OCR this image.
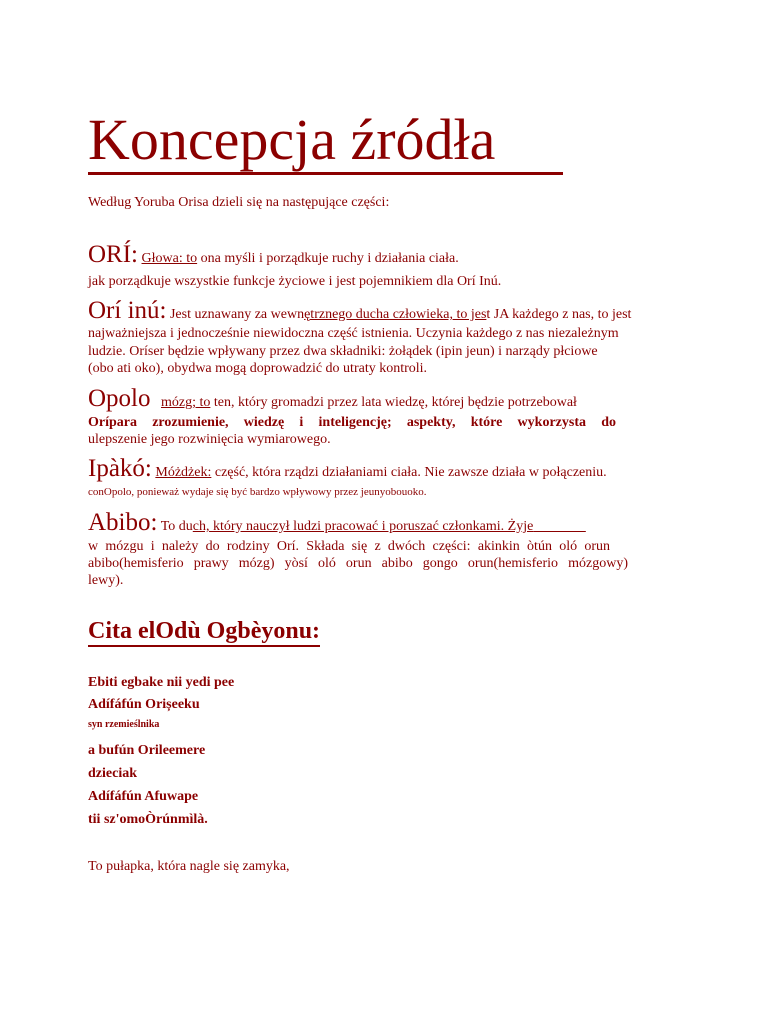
Koncepcja źródła
Według Yoruba Orisa dzieli się na następujące części:
ORÍ: Głowa: to ona myśli i porządkuje ruchy i działania ciała.
jak porządkuje wszystkie funkcje życiowe i jest pojemnikiem dla Orí Inú.
Orí inú: Jest uznawany za wewnętrznego ducha człowieka, to jest JA każdego z nas, to jest
najważniejsza i jednocześnie niewidoczna część istnienia. Uczynia każdego z nas niezależnym
ludzie. Oríser będzie wpływany przez dwa składniki: żołądek (ipin jeun) i narządy płciowe
(obo ati oko), obydwa mogą doprowadzić do utraty kontroli.
Opolo mózg; to ten, który gromadzi przez lata wiedzę, której będzie potrzebował
Orípara zrozumienie, wiedzę i inteligencję; aspekty, które wykorzysta do
ulepszenie jego rozwinięcia wymiarowego.
Ipàkó: Móżdżek: część, która rządzi działaniami ciała. Nie zawsze działa w połączeniu.
conOpolo, ponieważ wydaje się być bardzo wpływowy przez jeunyobouoko.
Abibo: To duch, który nauczył ludzi pracować i poruszać członkami. Żyje
w mózgu i należy do rodziny Orí. Składa się z dwóch części: akinkin òtún oló orun
abibo(hemisferio prawy mózg) yòsí oló orun abibo gongo orun(hemisferio mózgowy)
lewy).
Cita elOdù Ogbèyonu:
Ebiti egbake nii yedi pee
Adífáfún Orișeeku
syn rzemieślnika
a bufún Orileemere
dzieciak
Adífáfún Afuwape
tii sz'omoÒrúnmìlà.
To pułapka, która nagle się zamyka,
